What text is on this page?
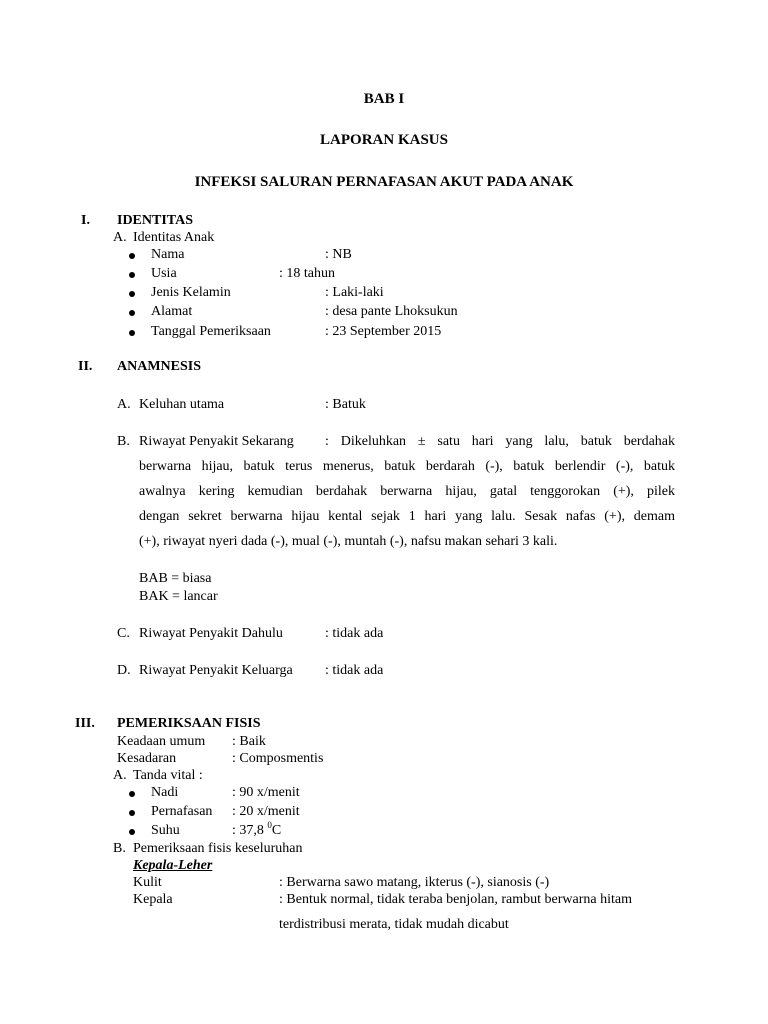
BAB I
LAPORAN KASUS
INFEKSI SALURAN PERNAFASAN AKUT PADA ANAK
I. IDENTITAS
A. Identitas Anak
Nama	: NB
Usia	: 18 tahun
Jenis Kelamin	: Laki-laki
Alamat	: desa pante Lhoksukun
Tanggal Pemeriksaan	: 23 September 2015
II. ANAMNESIS
A. Keluhan utama	: Batuk
B. Riwayat Penyakit Sekarang : Dikeluhkan ± satu hari yang lalu, batuk berdahak
berwarna hijau, batuk terus menerus, batuk berdarah (-), batuk berlendir (-), batuk
awalnya kering kemudian berdahak berwarna hijau, gatal tenggorokan (+), pilek
dengan sekret berwarna hijau kental sejak 1 hari yang lalu. Sesak nafas (+), demam
(+), riwayat nyeri dada (-), mual (-), muntah (-), nafsu makan sehari 3 kali.
BAB = biasa
BAK = lancar
C. Riwayat Penyakit Dahulu	: tidak ada
D. Riwayat Penyakit Keluarga : tidak ada
III. PEMERIKSAAN FISIS
Keadaan umum : Baik
Kesadaran	: Composmentis
A. Tanda vital :
Nadi	: 90 x/menit
Pernafasan : 20 x/menit
Suhu	: 37,8 $^0$C
B. Pemeriksaan fisis keseluruhan
Kepala-Leher
Kulit	: Berwarna sawo matang, ikterus (-), sianosis (-)
Kepala	: Bentuk normal, tidak teraba benjolan, rambut berwarna hitam
terdistribusi merata, tidak mudah dicabut
